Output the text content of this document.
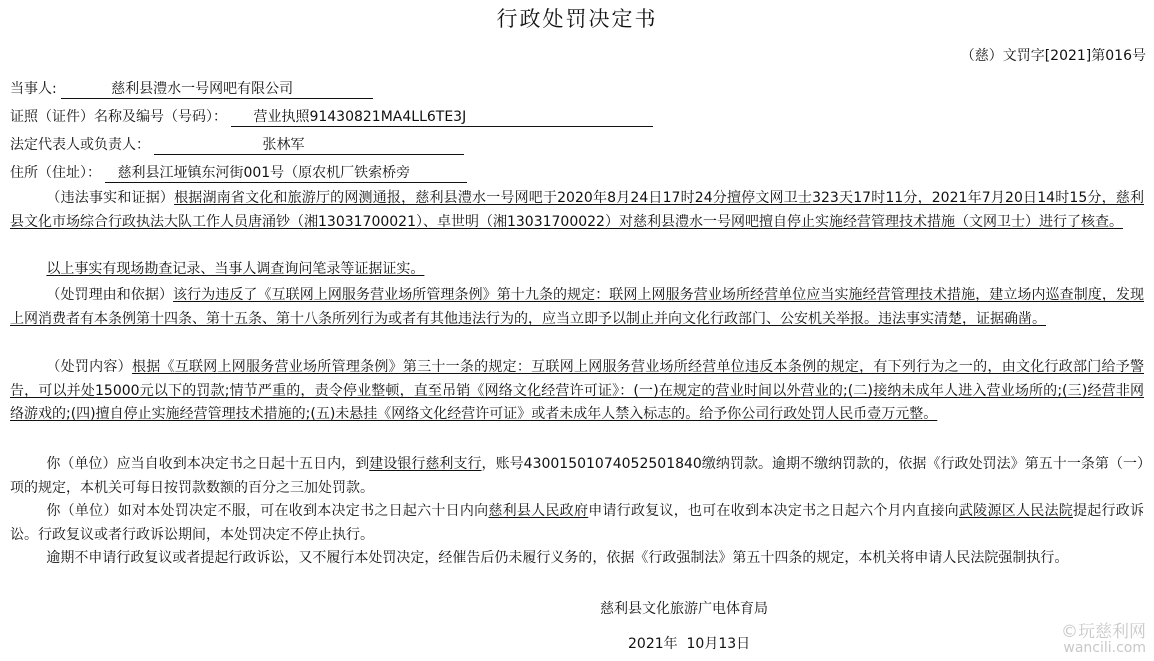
行政处罚决定书
（慈）文罚字[2021]第016号
当事人:	慈利县澧水一号网吧有限公司
证照（证件）名称及编号（号码）： 营业执照91430821MA4LL6TE3J
法定代表人或负责人：	张林军
住所（住址）： 慈利县江垭镇东河街001号（原农机厂铁索桥旁
（违法事实和证据）根据湖南省文化和旅游厅的网测通报，慈利县澧水一号网吧于2020年8月24日17时24分擅停文网卫士323天17时11分，2021年7月20日14时15分，慈利县文化市场综合行政执法大队工作人员唐涌钞（湘13031700021）、卓世明（湘13031700022）对慈利县澧水一号网吧擅自停止实施经营管理技术措施（文网卫士）进行了核查。
以上事实有现场勘查记录、当事人调查询问笔录等证据证实。
（处罚理由和依据）该行为违反了《互联网上网服务营业场所管理条例》第十九条的规定：联网上网服务营业场所经营单位应当实施经营管理技术措施，建立场内巡查制度，发现上网消费者有本条例第十四条、第十五条、第十八条所列行为或者有其他违法行为的，应当立即予以制止并向文化行政部门、公安机关举报。违法事实清楚，证据确凿。
（处罚内容）根据《互联网上网服务营业场所管理条例》第三十一条的规定：互联网上网服务营业场所经营单位违反本条例的规定，有下列行为之一的，由文化行政部门给予警告，可以并处15000元以下的罚款;情节严重的，责令停业整顿，直至吊销《网络文化经营许可证》：(一)在规定的营业时间以外营业的;(二)接纳未成年人进入营业场所的;(三)经营非网络游戏的;(四)擅自停止实施经营管理技术措施的;(五)未悬挂《网络文化经营许可证》或者未成年人禁入标志的。给予你公司行政处罚人民币壹万元整。
你（单位）应当自收到本决定书之日起十五日内，到建设银行慈利支行，账号43001501074052501840缴纳罚款。逾期不缴纳罚款的，依据《行政处罚法》第五十一条第（一）项的规定，本机关可每日按罚款数额的百分之三加处罚款。
你（单位）如对本处罚决定不服，可在收到本决定书之日起六十日内向慈利县人民政府申请行政复议，也可在收到本决定书之日起六个月内直接向武陵源区人民法院提起行政诉讼。行政复议或者行政诉讼期间，本处罚决定不停止执行。
逾期不申请行政复议或者提起行政诉讼，又不履行本处罚决定，经催告后仍未履行义务的，依据《行政强制法》第五十四条的规定，本机关将申请人民法院强制执行。
慈利县文化旅游广电体育局
2021年  10月13日
©玩慈利网
wancili.com
